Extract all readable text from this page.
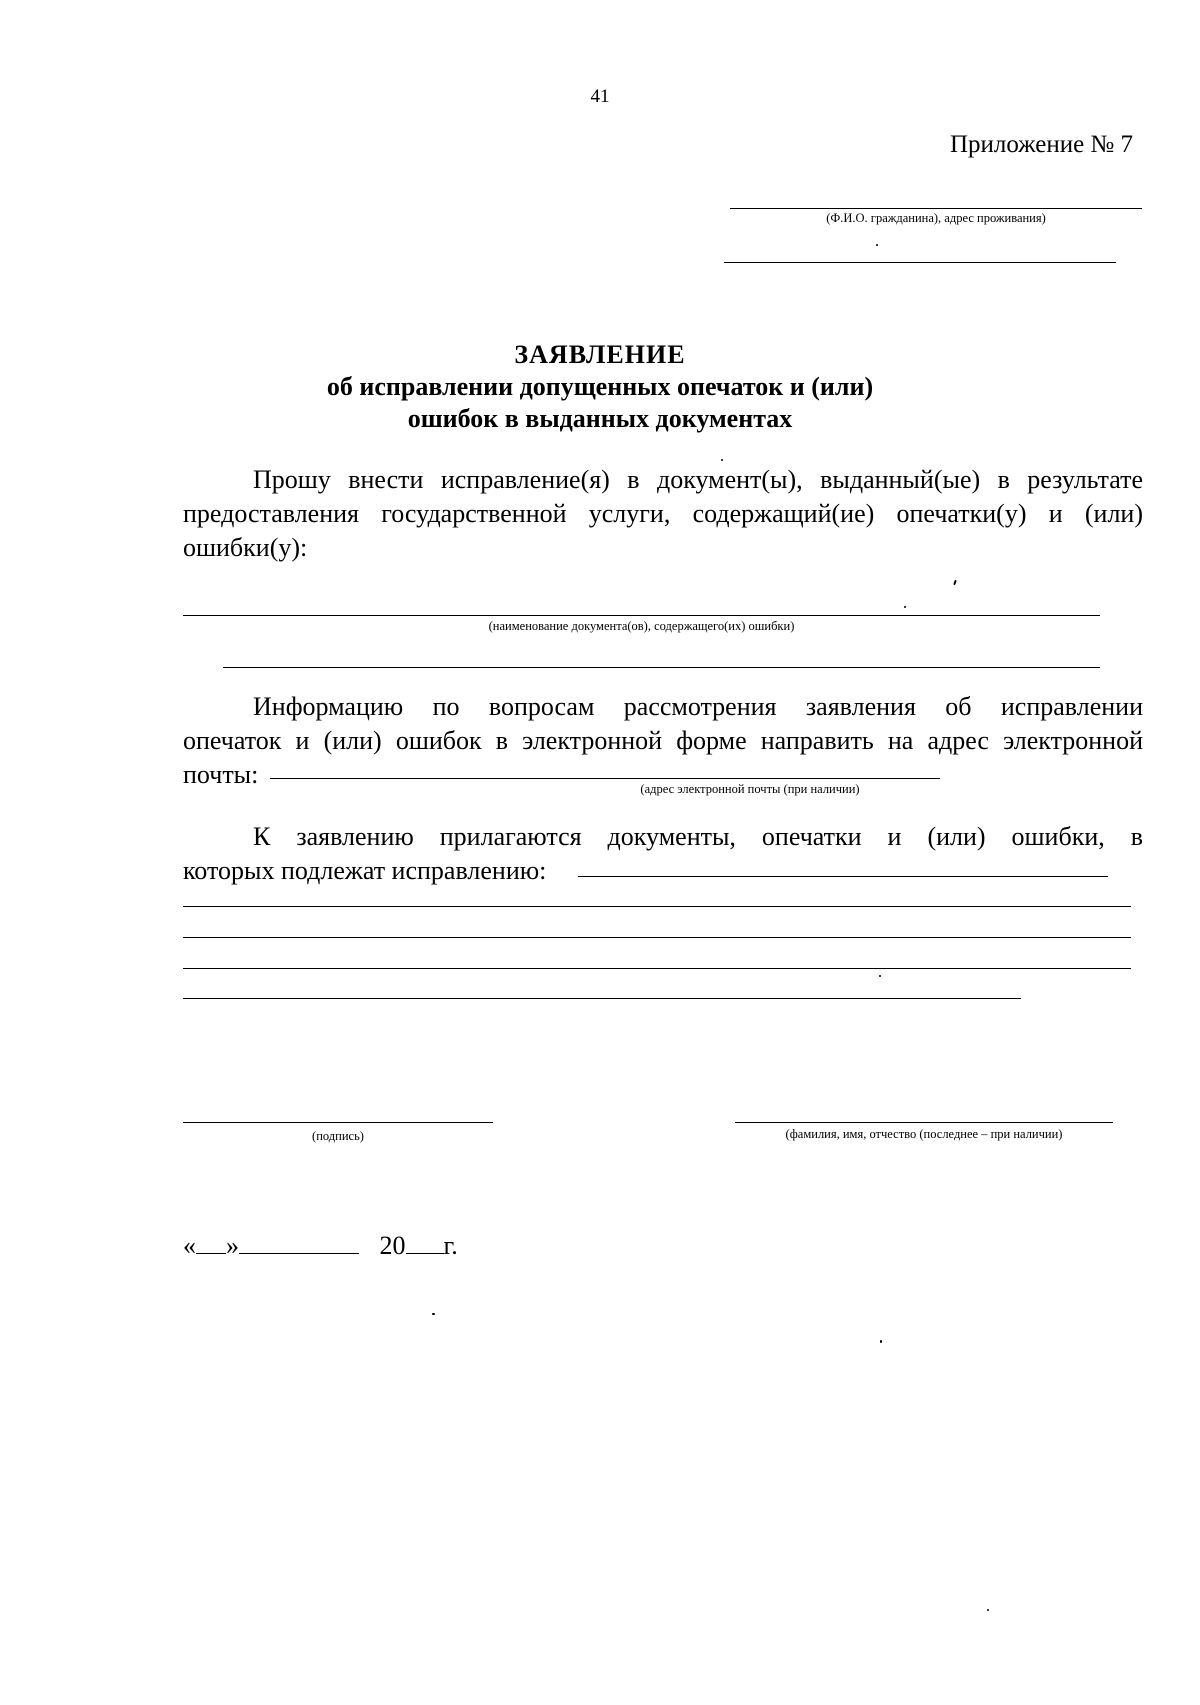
41
Приложение № 7
(Ф.И.О. гражданина), адрес проживания)
ЗАЯВЛЕНИЕ
об исправлении допущенных опечаток и (или)
ошибок в выданных документах
Прошу внести исправление(я) в документ(ы), выданный(ые) в результате
предоставления государственной услуги, содержащий(ие) опечатки(у) и (или)
ошибки(у):
(наименование документа(ов), содержащего(их) ошибки)
Информацию по вопросам рассмотрения заявления об исправлении
опечаток и (или) ошибок в электронной форме направить на адрес электронной
почты:	(адрес электронной почты (при наличии)
К заявлению прилагаются документы, опечатки и (или) ошибки, в
которых подлежат исправлению:
(подпись)	(фамилия, имя, отчество (последнее – при наличии)
« »	20 г.
